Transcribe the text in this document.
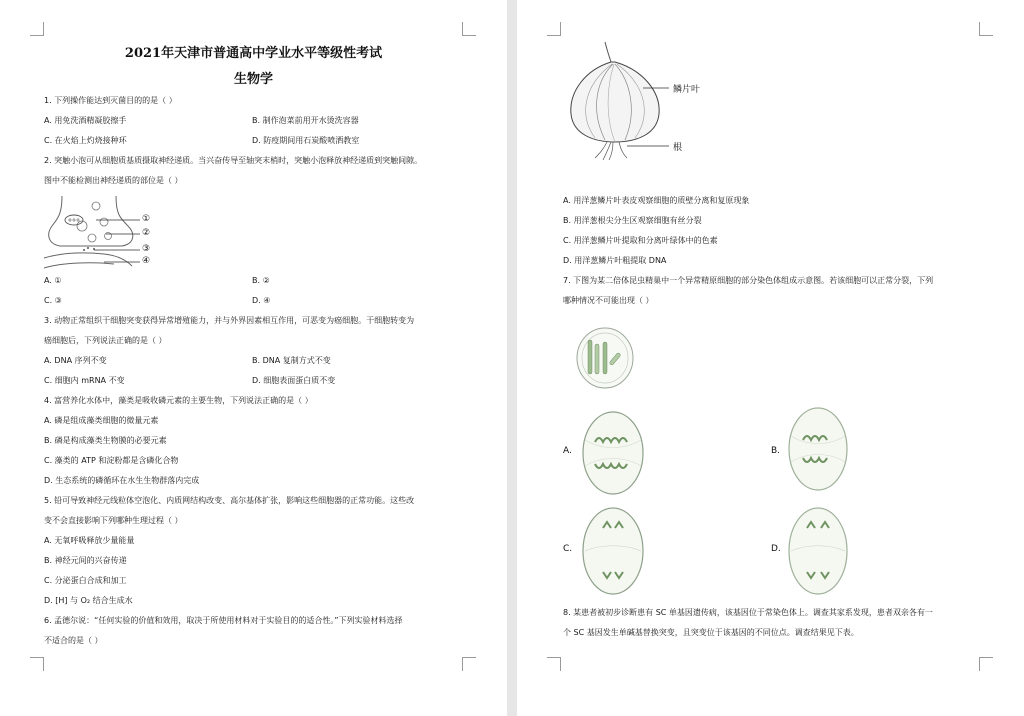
2021年天津市普通高中学业水平等级性考试
生物学
1. 下列操作能达到灭菌目的的是（ ）
A. 用免洗酒精凝胶擦手	B. 制作泡菜前用开水烫洗容器
C. 在火焰上灼烧接种环	D. 防疫期间用石炭酸喷洒教室
2. 突触小泡可从细胞质基质摄取神经递质。当兴奋传导至轴突末梢时，突触小泡释放神经递质到突触间隙。
图中不能检测出神经递质的部位是（ ）
①
②
③
④
A. ①	B. ②
C. ③	D. ④
3. 动物正常组织干细胞突变获得异常增殖能力，并与外界因素相互作用，可恶变为癌细胞。干细胞转变为
癌细胞后，下列说法正确的是（ ）
A. DNA 序列不变	B. DNA 复制方式不变
C. 细胞内 mRNA 不变	D. 细胞表面蛋白质不变
4. 富营养化水体中，藻类是吸收磷元素的主要生物，下列说法正确的是（ ）
A. 磷是组成藻类细胞的微量元素
B. 磷是构成藻类生物膜的必要元素
C. 藻类的 ATP 和淀粉都是含磷化合物
D. 生态系统的磷循环在水生生物群落内完成
5. 铅可导致神经元线粒体空泡化、内质网结构改变、高尔基体扩张，影响这些细胞器的正常功能。这些改
变不会直接影响下列哪种生理过程（ ）
A. 无氧呼吸释放少量能量
B. 神经元间的兴奋传递
C. 分泌蛋白合成和加工
D. [H] 与 O₂ 结合生成水
6. 孟德尔说：“任何实验的价值和效用，取决于所使用材料对于实验目的的适合性。”下列实验材料选择
不适合的是（ ）
鳞片叶
根
A. 用洋葱鳞片叶表皮观察细胞的质壁分离和复原现象
B. 用洋葱根尖分生区观察细胞有丝分裂
C. 用洋葱鳞片叶提取和分离叶绿体中的色素
D. 用洋葱鳞片叶粗提取 DNA
7. 下图为某二倍体昆虫精巢中一个异常精原细胞的部分染色体组成示意图。若该细胞可以正常分裂，下列
哪种情况不可能出现（ ）
A.	B.
C.	D.
8. 某患者被初步诊断患有 SC 单基因遗传病，该基因位于常染色体上。调查其家系发现，患者双亲各有一
个 SC 基因发生单碱基替换突变，且突变位于该基因的不同位点。调查结果见下表。
